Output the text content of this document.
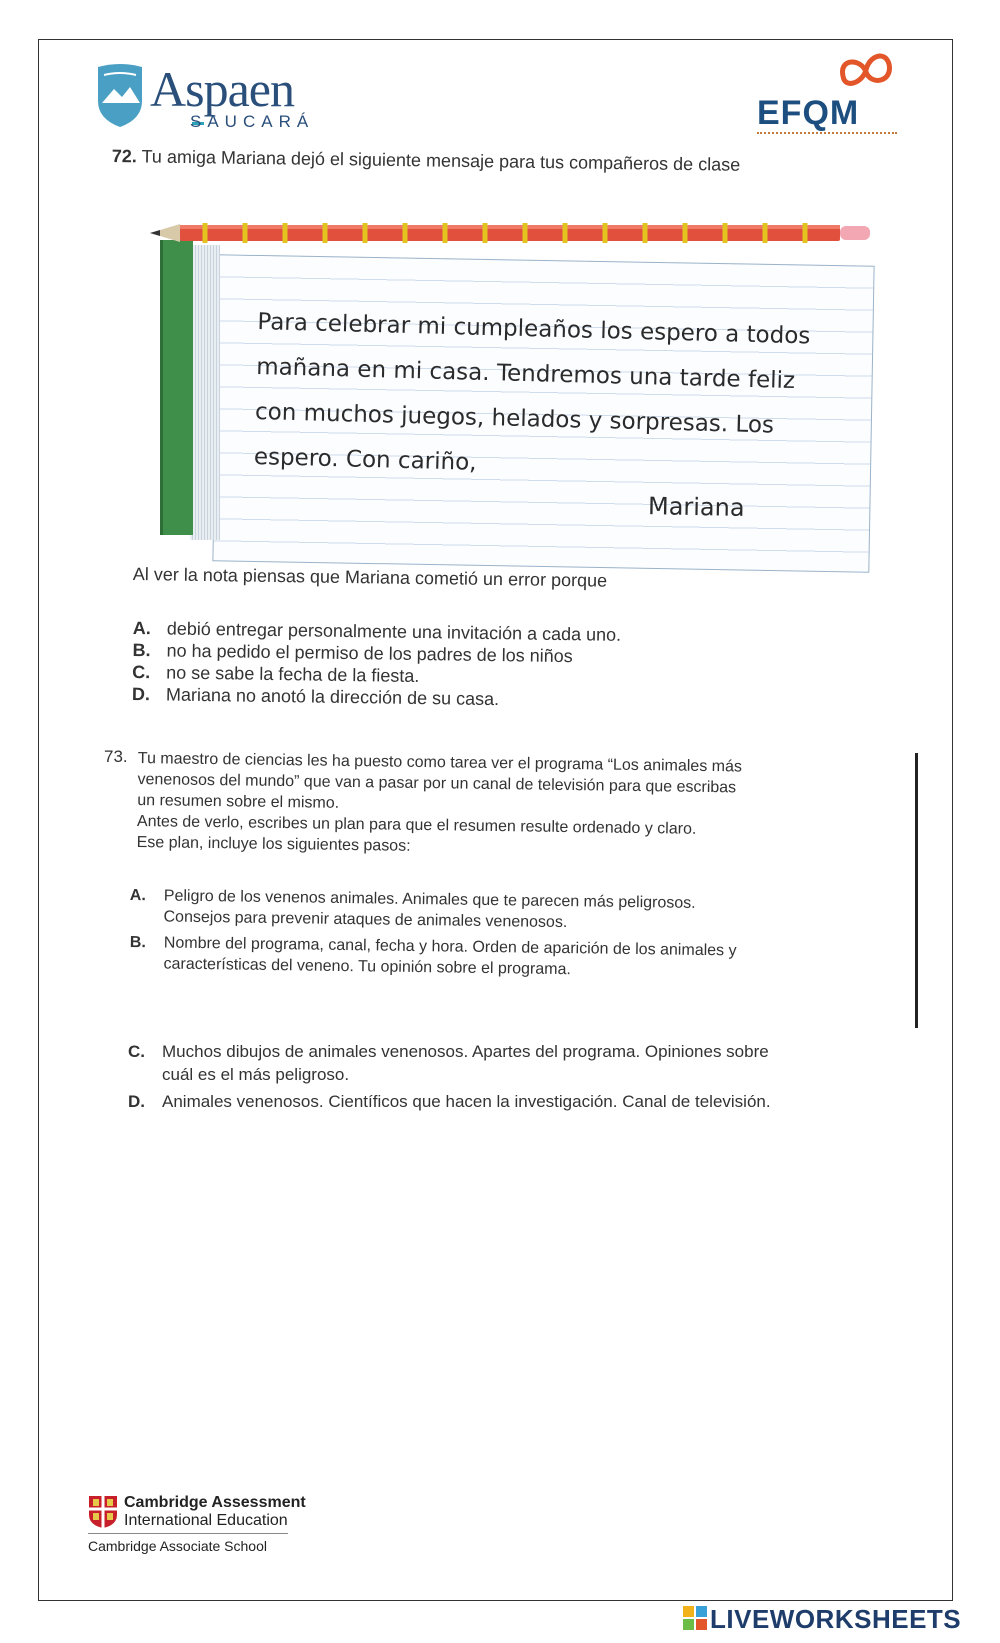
Aspaen
SAUCARÁ	EFQM
72. Tu amiga Mariana dejó el siguiente mensaje para tus compañeros de clase
Para celebrar mi cumpleaños los espero a todos
mañana en mi casa. Tendremos una tarde feliz
con muchos juegos, helados y sorpresas. Los
espero. Con cariño,
Mariana
Al ver la nota piensas que Mariana cometió un error porque
A. debió entregar personalmente una invitación a cada uno.
B. no ha pedido el permiso de los padres de los niños
C. no se sabe la fecha de la fiesta.
D. Mariana no anotó la dirección de su casa.
73. Tu maestro de ciencias les ha puesto como tarea ver el programa “Los animales más
venenosos del mundo” que van a pasar por un canal de televisión para que escribas
un resumen sobre el mismo.
Antes de verlo, escribes un plan para que el resumen resulte ordenado y claro.
Ese plan, incluye los siguientes pasos:
A. Peligro de los venenos animales. Animales que te parecen más peligrosos.
Consejos para prevenir ataques de animales venenosos.
B. Nombre del programa, canal, fecha y hora. Orden de aparición de los animales y
características del veneno. Tu opinión sobre el programa.
C. Muchos dibujos de animales venenosos. Apartes del programa. Opiniones sobre
cuál es el más peligroso.
D. Animales venenosos. Científicos que hacen la investigación. Canal de televisión.
Cambridge Assessment
International Education
Cambridge Associate School
LIVEWORKSHEETS
